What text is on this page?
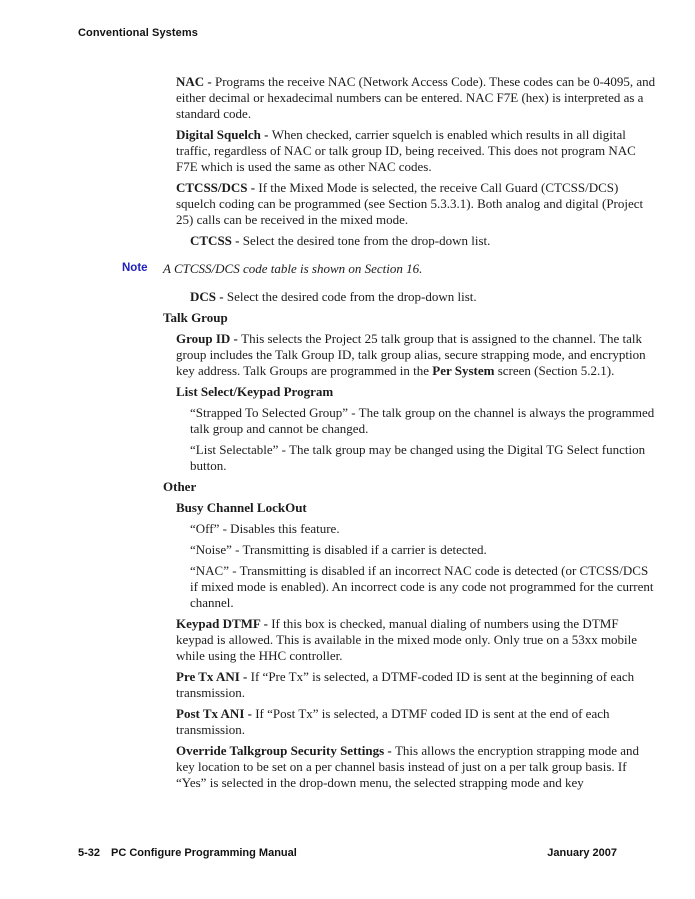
Conventional Systems

NAC - Programs the receive NAC (Network Access Code). These codes can be 0-4095, and either decimal or hexadecimal numbers can be entered. NAC F7E (hex) is interpreted as a standard code.

Digital Squelch - When checked, carrier squelch is enabled which results in all digital traffic, regardless of NAC or talk group ID, being received. This does not program NAC F7E which is used the same as other NAC codes.

CTCSS/DCS - If the Mixed Mode is selected, the receive Call Guard (CTCSS/DCS) squelch coding can be programmed (see Section 5.3.3.1). Both analog and digital (Project 25) calls can be received in the mixed mode.

CTCSS - Select the desired tone from the drop-down list.

Note	A CTCSS/DCS code table is shown on Section 16.

DCS - Select the desired code from the drop-down list.

Talk Group

Group ID - This selects the Project 25 talk group that is assigned to the channel. The talk group includes the Talk Group ID, talk group alias, secure strapping mode, and encryption key address. Talk Groups are programmed in the Per System screen (Section 5.2.1).

List Select/Keypad Program

“Strapped To Selected Group” - The talk group on the channel is always the programmed talk group and cannot be changed.

“List Selectable” - The talk group may be changed using the Digital TG Select function button.

Other

Busy Channel LockOut

“Off” - Disables this feature.

“Noise” - Transmitting is disabled if a carrier is detected.

“NAC” - Transmitting is disabled if an incorrect NAC code is detected (or CTCSS/DCS if mixed mode is enabled). An incorrect code is any code not programmed for the current channel.

Keypad DTMF - If this box is checked, manual dialing of numbers using the DTMF keypad is allowed. This is available in the mixed mode only. Only true on a 53xx mobile while using the HHC controller.

Pre Tx ANI - If “Pre Tx” is selected, a DTMF-coded ID is sent at the beginning of each transmission.

Post Tx ANI - If “Post Tx” is selected, a DTMF coded ID is sent at the end of each transmission.

Override Talkgroup Security Settings - This allows the encryption strapping mode and key location to be set on a per channel basis instead of just on a per talk group basis. If “Yes” is selected in the drop-down menu, the selected strapping mode and key

5-32 PC Configure Programming Manual	January 2007
